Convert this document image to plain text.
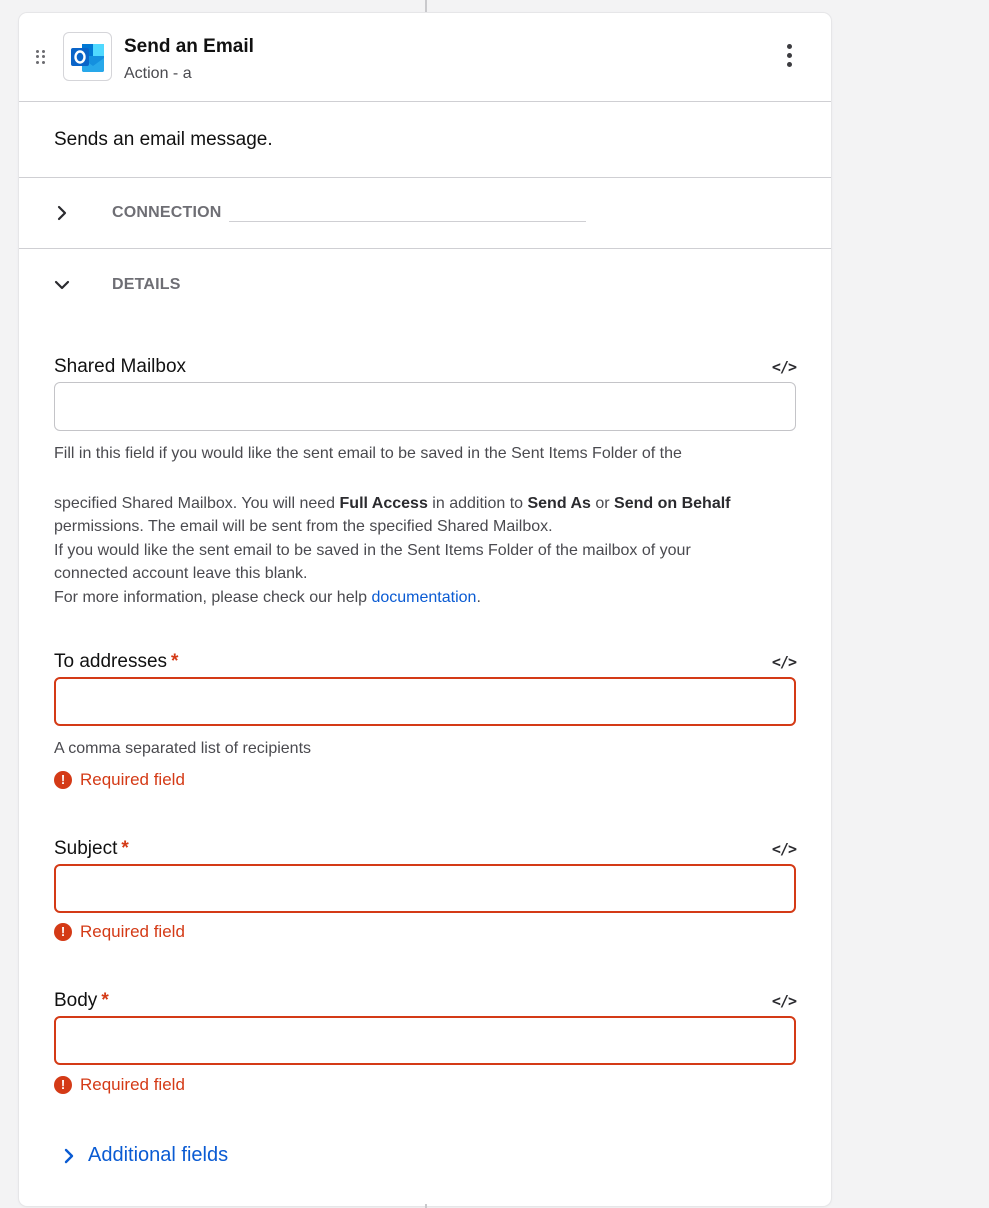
Send an Email
Action - a
Sends an email message.
CONNECTION
DETAILS
Shared Mailbox	</>
Fill in this field if you would like the sent email to be saved in the Sent Items Folder of the
specified Shared Mailbox. You will need Full Access in addition to Send As or Send on Behalf
permissions. The email will be sent from the specified Shared Mailbox.
If you would like the sent email to be saved in the Sent Items Folder of the mailbox of your
connected account leave this blank.
For more information, please check our help documentation.
To addresses *	</>
A comma separated list of recipients
! Required field
Subject *	</>
! Required field
Body *	</>
! Required field
Additional fields
